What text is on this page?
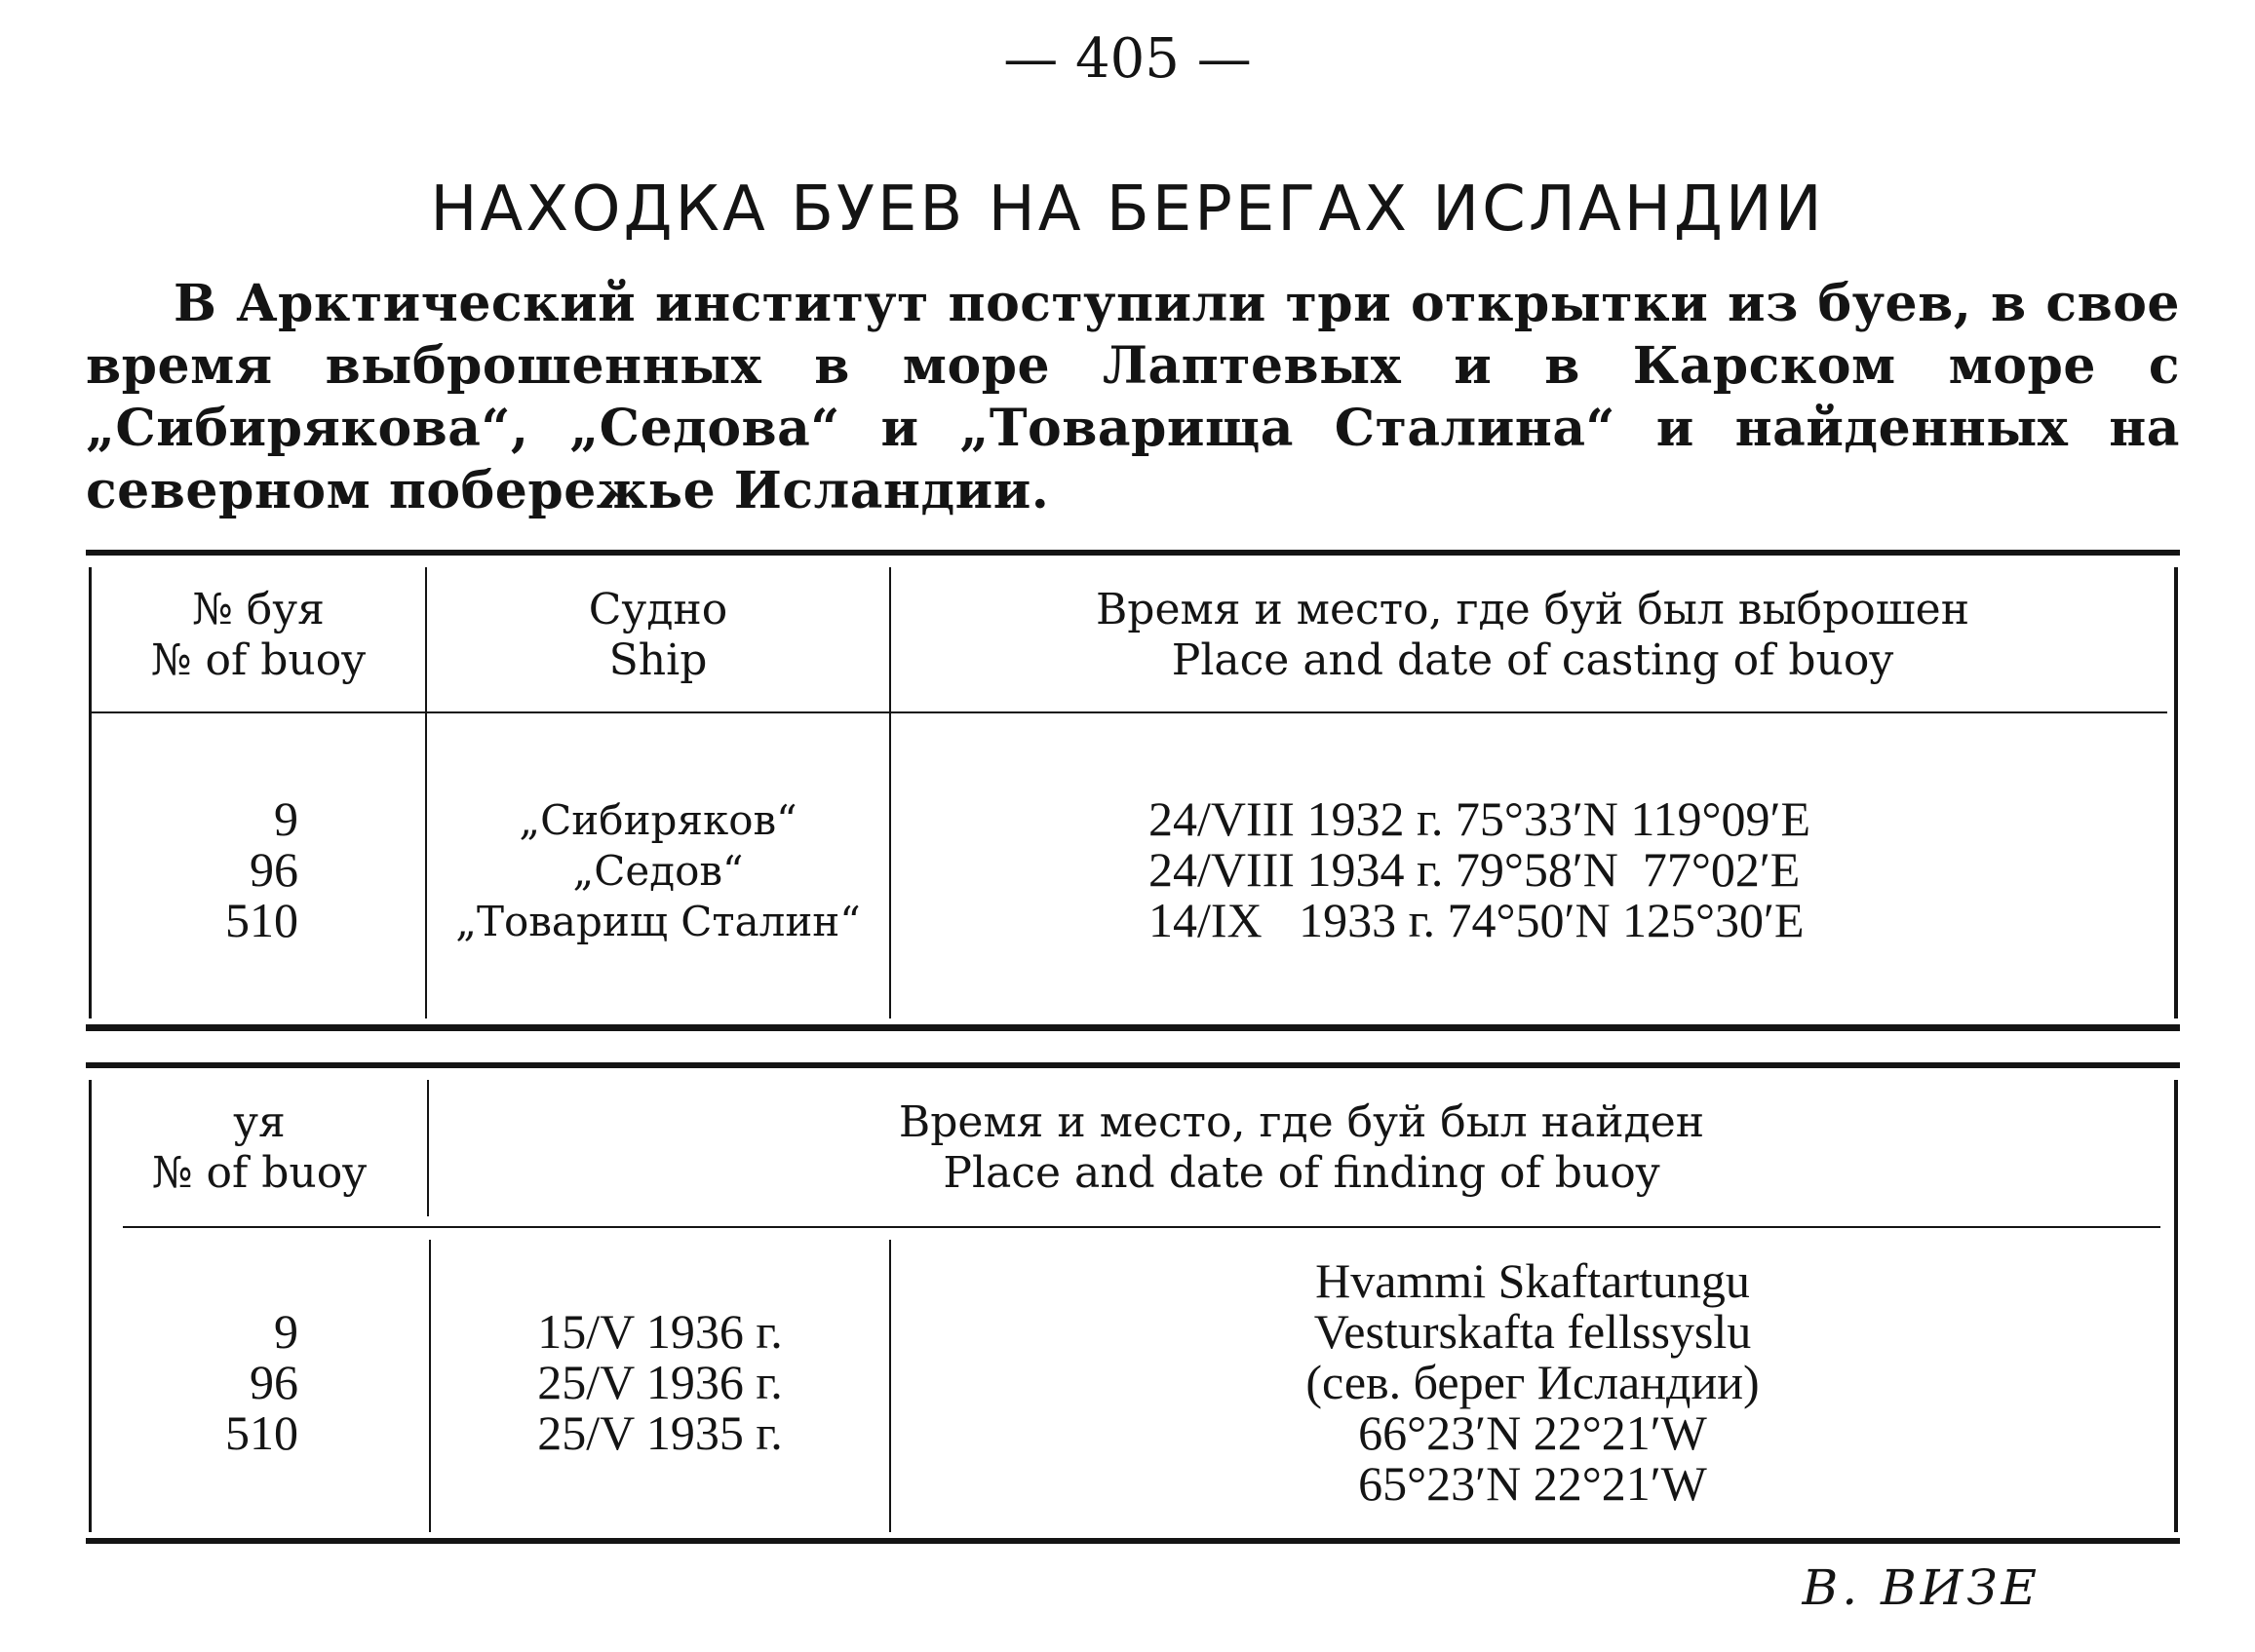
— 405 —
НАХОДКА БУЕВ НА БЕРЕГАХ ИСЛАНДИИ
В Арктический институт поступили три открытки из буев, в свое время выброшенных в море Лаптевых и в Карском море с „Сибирякова“, „Седова“ и „Товарища Сталина“ и найденных на северном побережье Исландии.
№ буя
№ of buoy
Судно
Ship
Время и место, где буй был выброшен
Place and date of casting of buoy
9
96
510
„Сибиряков“
„Седов“
„Товарищ Сталин“
24/VIII 1932 г. 75°33′N 119°09′E
24/VIII 1934 г. 79°58′N  77°02′E
14/IX   1933 г. 74°50′N 125°30′E
уя
№ of buoy
Время и место, где буй был найден
Place and date of finding of buoy
9
96
510
15/V 1936 г.
25/V 1936 г.
25/V 1935 г.
Hvammi Skaftartungu
Vesturskafta fellssyslu
(сев. берег Исландии)
66°23′N 22°21′W
65°23′N 22°21′W
В. ВИЗЕ
